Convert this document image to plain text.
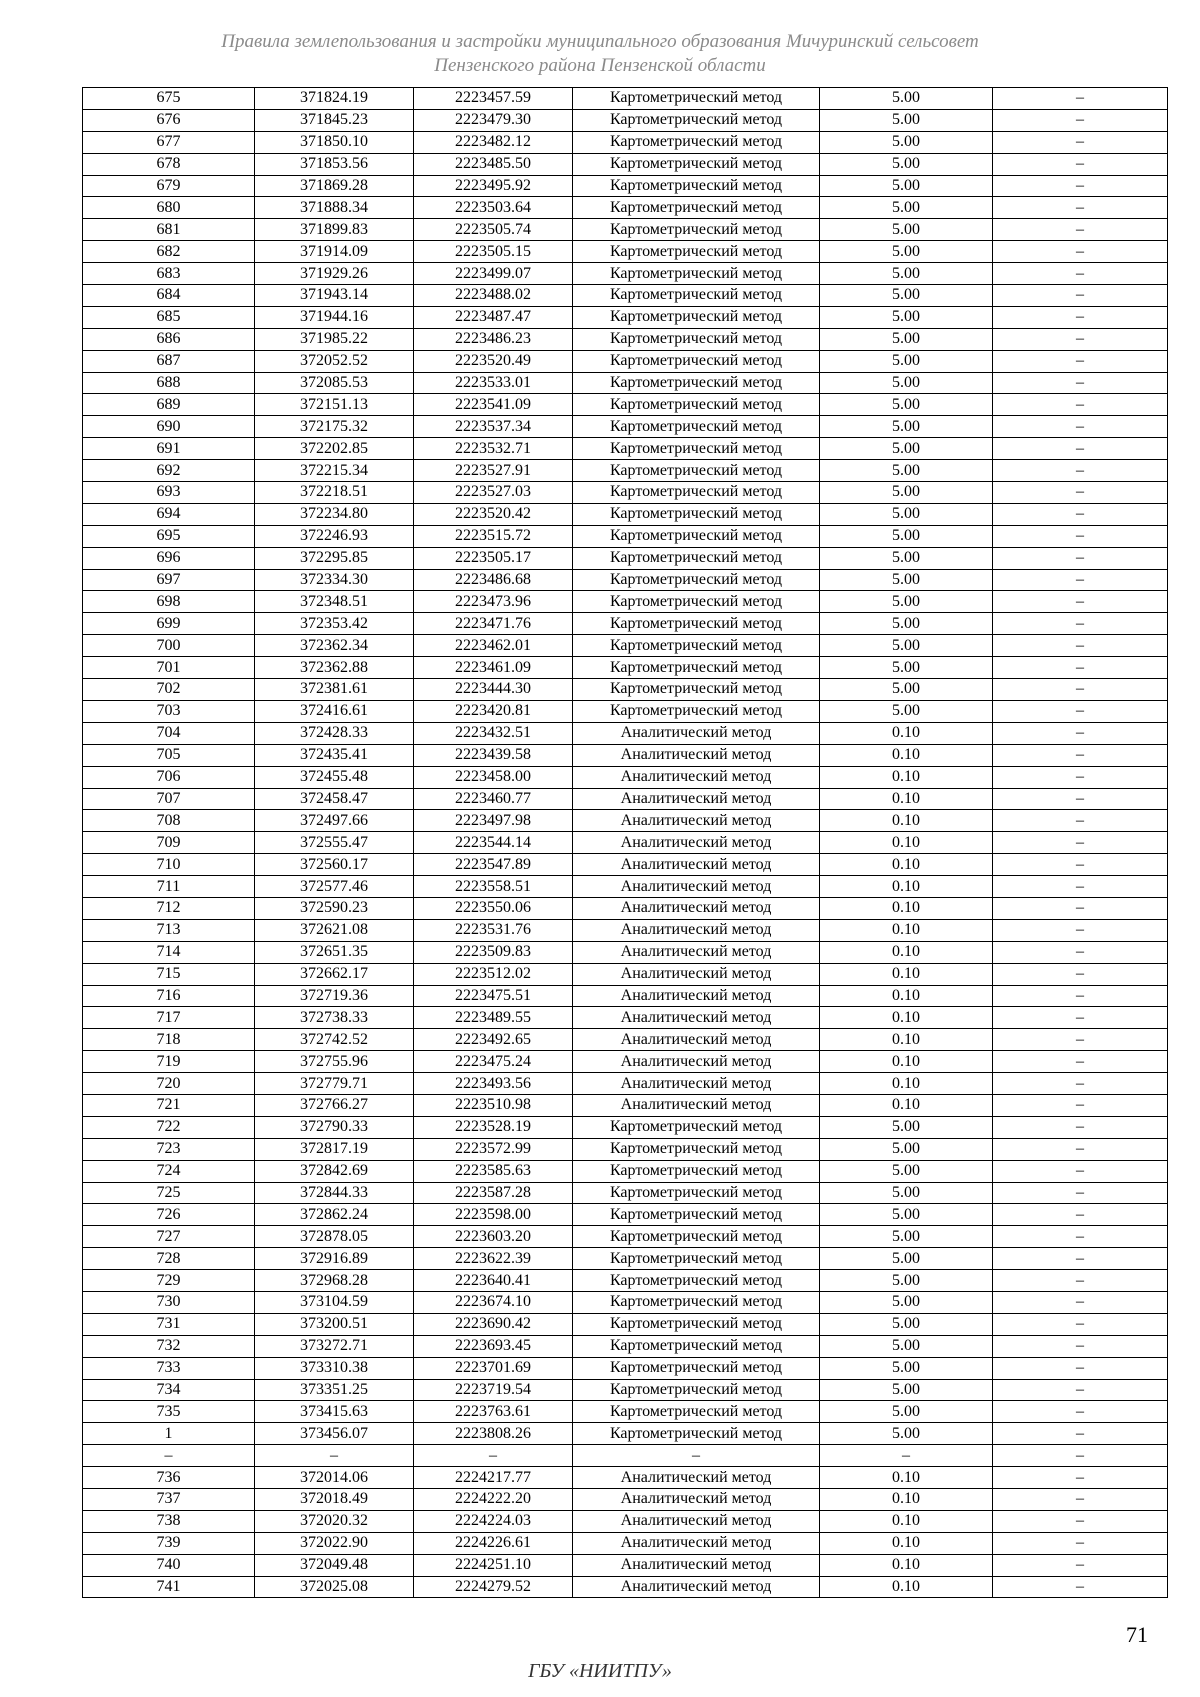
Правила землепользования и застройки муниципального образования Мичуринский сельсовет
Пензенского района Пензенской области
675	371824.19	2223457.59	Картометрический метод	5.00	–
676	371845.23	2223479.30	Картометрический метод	5.00	–
677	371850.10	2223482.12	Картометрический метод	5.00	–
678	371853.56	2223485.50	Картометрический метод	5.00	–
679	371869.28	2223495.92	Картометрический метод	5.00	–
680	371888.34	2223503.64	Картометрический метод	5.00	–
681	371899.83	2223505.74	Картометрический метод	5.00	–
682	371914.09	2223505.15	Картометрический метод	5.00	–
683	371929.26	2223499.07	Картометрический метод	5.00	–
684	371943.14	2223488.02	Картометрический метод	5.00	–
685	371944.16	2223487.47	Картометрический метод	5.00	–
686	371985.22	2223486.23	Картометрический метод	5.00	–
687	372052.52	2223520.49	Картометрический метод	5.00	–
688	372085.53	2223533.01	Картометрический метод	5.00	–
689	372151.13	2223541.09	Картометрический метод	5.00	–
690	372175.32	2223537.34	Картометрический метод	5.00	–
691	372202.85	2223532.71	Картометрический метод	5.00	–
692	372215.34	2223527.91	Картометрический метод	5.00	–
693	372218.51	2223527.03	Картометрический метод	5.00	–
694	372234.80	2223520.42	Картометрический метод	5.00	–
695	372246.93	2223515.72	Картометрический метод	5.00	–
696	372295.85	2223505.17	Картометрический метод	5.00	–
697	372334.30	2223486.68	Картометрический метод	5.00	–
698	372348.51	2223473.96	Картометрический метод	5.00	–
699	372353.42	2223471.76	Картометрический метод	5.00	–
700	372362.34	2223462.01	Картометрический метод	5.00	–
701	372362.88	2223461.09	Картометрический метод	5.00	–
702	372381.61	2223444.30	Картометрический метод	5.00	–
703	372416.61	2223420.81	Картометрический метод	5.00	–
704	372428.33	2223432.51	Аналитический метод	0.10	–
705	372435.41	2223439.58	Аналитический метод	0.10	–
706	372455.48	2223458.00	Аналитический метод	0.10	–
707	372458.47	2223460.77	Аналитический метод	0.10	–
708	372497.66	2223497.98	Аналитический метод	0.10	–
709	372555.47	2223544.14	Аналитический метод	0.10	–
710	372560.17	2223547.89	Аналитический метод	0.10	–
711	372577.46	2223558.51	Аналитический метод	0.10	–
712	372590.23	2223550.06	Аналитический метод	0.10	–
713	372621.08	2223531.76	Аналитический метод	0.10	–
714	372651.35	2223509.83	Аналитический метод	0.10	–
715	372662.17	2223512.02	Аналитический метод	0.10	–
716	372719.36	2223475.51	Аналитический метод	0.10	–
717	372738.33	2223489.55	Аналитический метод	0.10	–
718	372742.52	2223492.65	Аналитический метод	0.10	–
719	372755.96	2223475.24	Аналитический метод	0.10	–
720	372779.71	2223493.56	Аналитический метод	0.10	–
721	372766.27	2223510.98	Аналитический метод	0.10	–
722	372790.33	2223528.19	Картометрический метод	5.00	–
723	372817.19	2223572.99	Картометрический метод	5.00	–
724	372842.69	2223585.63	Картометрический метод	5.00	–
725	372844.33	2223587.28	Картометрический метод	5.00	–
726	372862.24	2223598.00	Картометрический метод	5.00	–
727	372878.05	2223603.20	Картометрический метод	5.00	–
728	372916.89	2223622.39	Картометрический метод	5.00	–
729	372968.28	2223640.41	Картометрический метод	5.00	–
730	373104.59	2223674.10	Картометрический метод	5.00	–
731	373200.51	2223690.42	Картометрический метод	5.00	–
732	373272.71	2223693.45	Картометрический метод	5.00	–
733	373310.38	2223701.69	Картометрический метод	5.00	–
734	373351.25	2223719.54	Картометрический метод	5.00	–
735	373415.63	2223763.61	Картометрический метод	5.00	–
1	373456.07	2223808.26	Картометрический метод	5.00	–
–	–	–	–	–	–
736	372014.06	2224217.77	Аналитический метод	0.10	–
737	372018.49	2224222.20	Аналитический метод	0.10	–
738	372020.32	2224224.03	Аналитический метод	0.10	–
739	372022.90	2224226.61	Аналитический метод	0.10	–
740	372049.48	2224251.10	Аналитический метод	0.10	–
741	372025.08	2224279.52	Аналитический метод	0.10	–
71
ГБУ «НИИТПУ»
